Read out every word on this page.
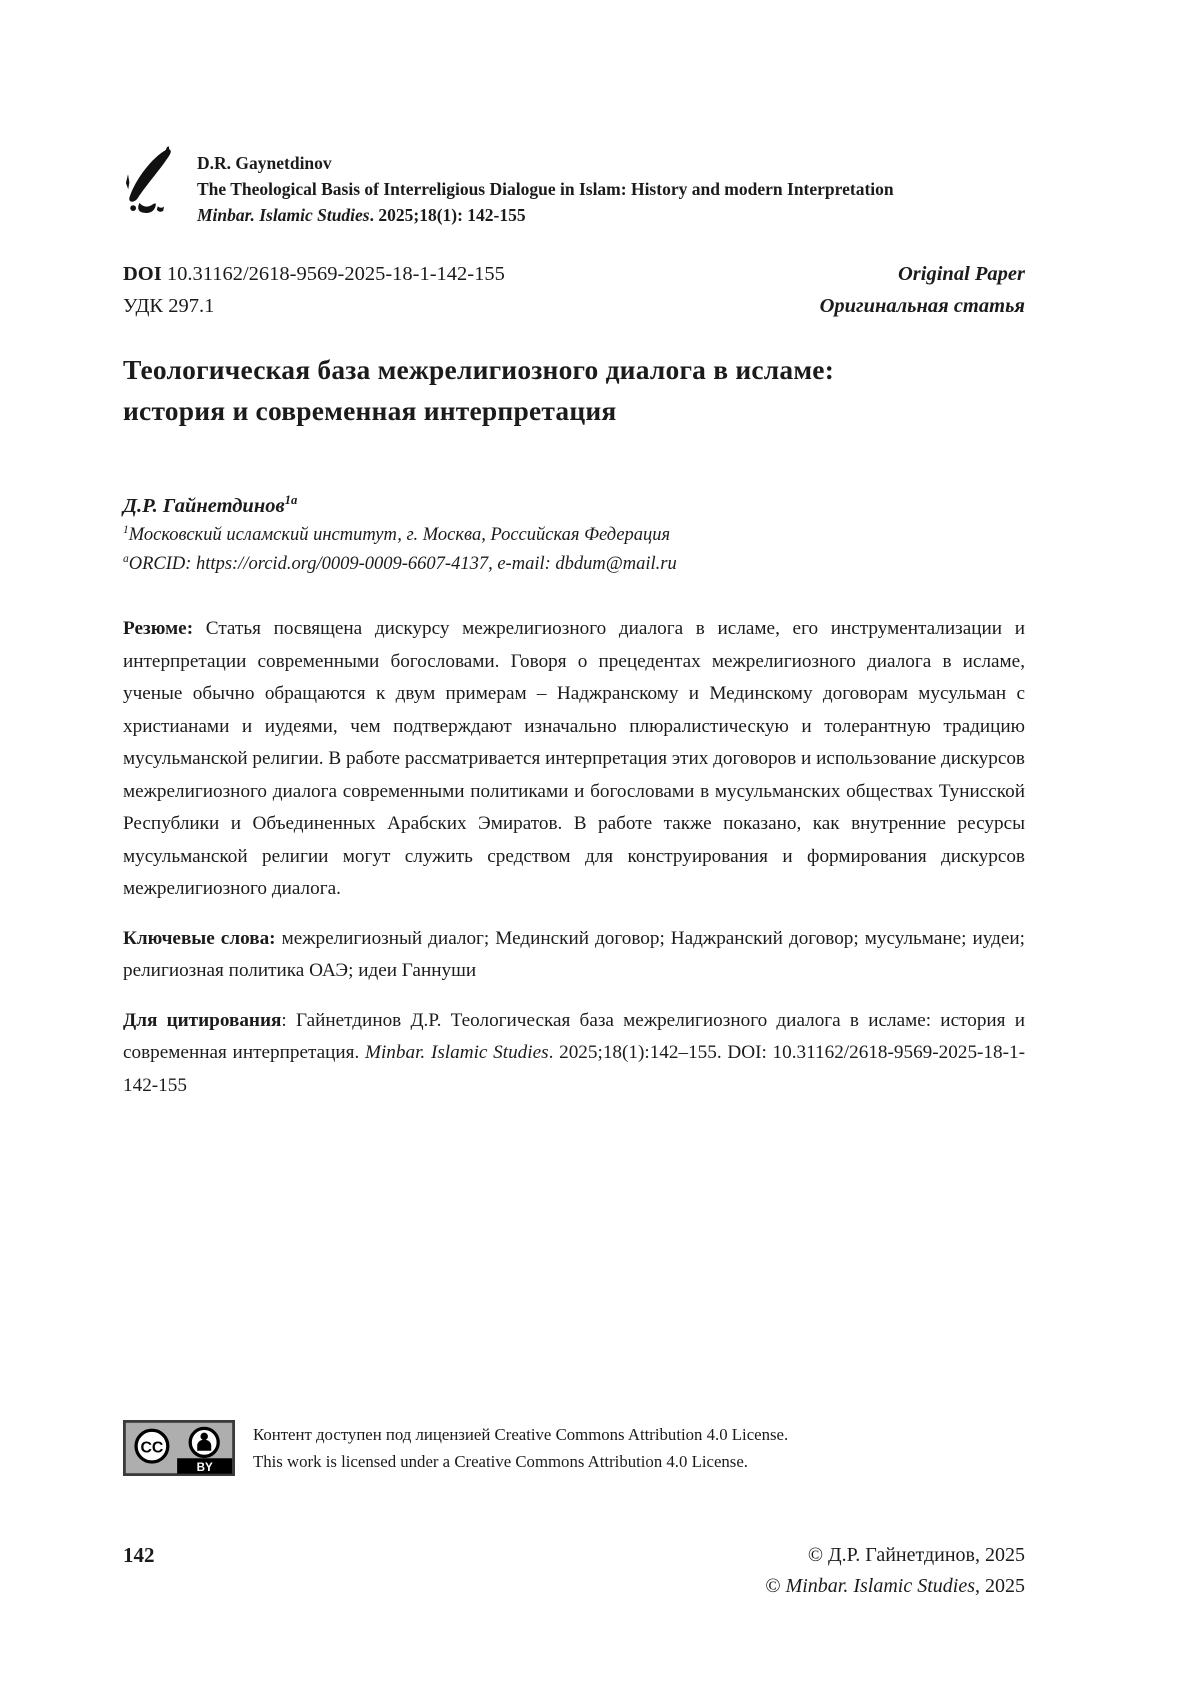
D.R. Gaynetdinov
The Theological Basis of Interreligious Dialogue in Islam: History and modern Interpretation
Minbar. Islamic Studies. 2025;18(1): 142-155
DOI 10.31162/2618-9569-2025-18-1-142-155	Original Paper
УДК 297.1	Оригинальная статья
Теологическая база межрелигиозного диалога в исламе:
история и современная интерпретация
Д.Р. Гайнетдинов$^{1a}$
$^1$Московский исламский институт, г. Москва, Российская Федерация
$^a$ORCID: https://orcid.org/0009-0009-6607-4137, e-mail: dbdum@mail.ru

Резюме: Статья посвящена дискурсу межрелигиозного диалога в исламе, его инструментализации и интерпретации современными богословами. Говоря о прецедентах межрелигиозного диалога в исламе, ученые обычно обращаются к двум примерам – Наджранскому и Мединскому договорам мусульман с христианами и иудеями, чем подтверждают изначально плюралистическую и толерантную традицию мусульманской религии. В работе рассматривается интерпретация этих договоров и использование дискурсов межрелигиозного диалога современными политиками и богословами в мусульманских обществах Тунисской Республики и Объединенных Арабских Эмиратов. В работе также показано, как внутренние ресурсы мусульманской религии могут служить средством для конструирования и формирования дискурсов межрелигиозного диалога.

Ключевые слова: межрелигиозный диалог; Мединский договор; Наджранский договор; мусульмане; иудеи; религиозная политика ОАЭ; идеи Ганнуши

Для цитирования: Гайнетдинов Д.Р. Теологическая база межрелигиозного диалога в исламе: история и современная интерпретация. Minbar. Islamic Studies. 2025;18(1):142–155. DOI: 10.31162/2618-9569-2025-18-1-142-155

CC
BY
Контент доступен под лицензией Creative Commons Attribution 4.0 License.
This work is licensed under a Creative Commons Attribution 4.0 License.
142	© Д.Р. Гайнетдинов, 2025
© Minbar. Islamic Studies, 2025
